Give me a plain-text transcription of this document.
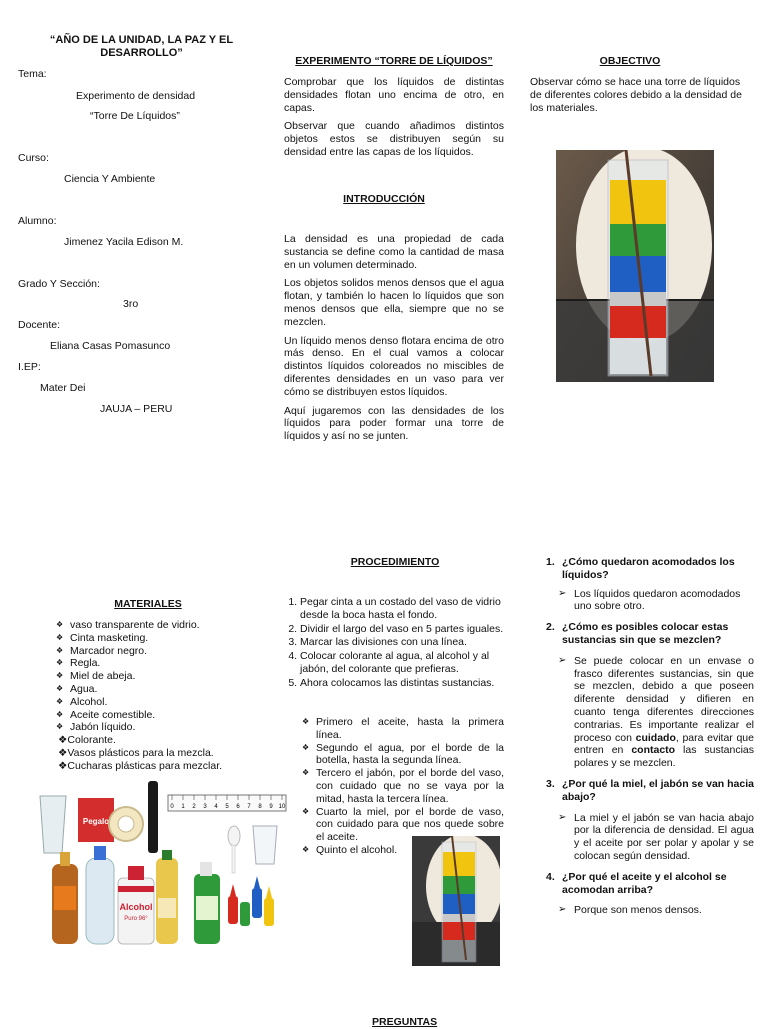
“AÑO DE LA UNIDAD, LA PAZ Y EL DESARROLLO”
Tema:
Experimento de densidad
“Torre De Líquidos”
Curso:
Ciencia Y Ambiente
Alumno:
Jimenez Yacila Edison M.
Grado Y Sección:
3ro
Docente:
Eliana Casas Pomasunco
I.EP:
Mater Dei
JAUJA – PERU
EXPERIMENTO “TORRE DE LÍQUIDOS”

Comprobar que los líquidos de distintas densidades flotan uno encima de otro, en capas.

Observar que cuando añadimos distintos objetos estos se distribuyen según su densidad entre las capas de los líquidos.

INTRODUCCIÓN

La densidad es una propiedad de cada sustancia se define como la cantidad de masa en un volumen determinado.

Los objetos solidos menos densos que el agua flotan, y también lo hacen lo líquidos que son menos densos que ella, siempre que no se mezclen.

Un líquido menos denso flotara encima de otro más denso. En el cual vamos a colocar distintos líquidos coloreados no miscibles de diferentes densidades en un vaso para ver cómo se distribuyen estos líquidos.

Aquí jugaremos con las densidades de los líquidos para poder formar una torre de líquidos y así no se junten.

OBJECTIVO
Observar cómo se hace una torre de líquidos de diferentes colores debido a la densidad de los materiales.
MATERIALES
❖ vaso transparente de vidrio.
❖ Cinta masketing.
❖ Marcador negro.
❖ Regla.
❖ Miel de abeja.
❖ Agua.
❖ Alcohol.
❖ Aceite comestible.
❖ Jabón líquido.
❖Colorante.
❖Vasos plásticos para la mezcla.
❖Cucharas plásticas para mezclar.
Pegalo
0 1 2 3 4 5 6 7 8 9 10
Alcohol
Puro 96°
PROCEDIMIENTO
1. Pegar cinta a un costado del vaso de vidrio desde la boca hasta el fondo.
2. Dividir el largo del vaso en 5 partes iguales.
3. Marcar las divisiones con una línea.
4. Colocar colorante al agua, al alcohol y al jabón, del colorante que prefieras.
5. Ahora colocamos las distintas sustancias.
❖ Primero el aceite, hasta la primera línea.
❖ Segundo el agua, por el borde de la botella, hasta la segunda línea.
❖ Tercero el jabón, por el borde del vaso, con cuidado que no se vaya por la mitad, hasta la tercera línea.
❖ Cuarto la miel, por el borde de vaso, con cuidado para que nos quede sobre el aceite.
❖ Quinto el alcohol.
1. ¿Cómo quedaron acomodados los líquidos?
➢ Los líquidos quedaron acomodados uno sobre otro.
2. ¿Cómo es posibles colocar estas sustancias sin que se mezclen?
➢ Se puede colocar en un envase o frasco diferentes sustancias, sin que se mezclen, debido a que poseen diferente densidad y difieren en cuanto tenga diferentes direcciones contrarias. Es importante realizar el proceso con cuidado, para evitar que entren en contacto las sustancias polares y se mezclen.
3. ¿Por qué la miel, el jabón se van hacia abajo?
➢ La miel y el jabón se van hacia abajo por la diferencia de densidad. El agua y el aceite por ser polar y apolar y se colocan según densidad.
4. ¿Por qué el aceite y el alcohol se acomodan arriba?
➢ Porque son menos densos.
PREGUNTAS
